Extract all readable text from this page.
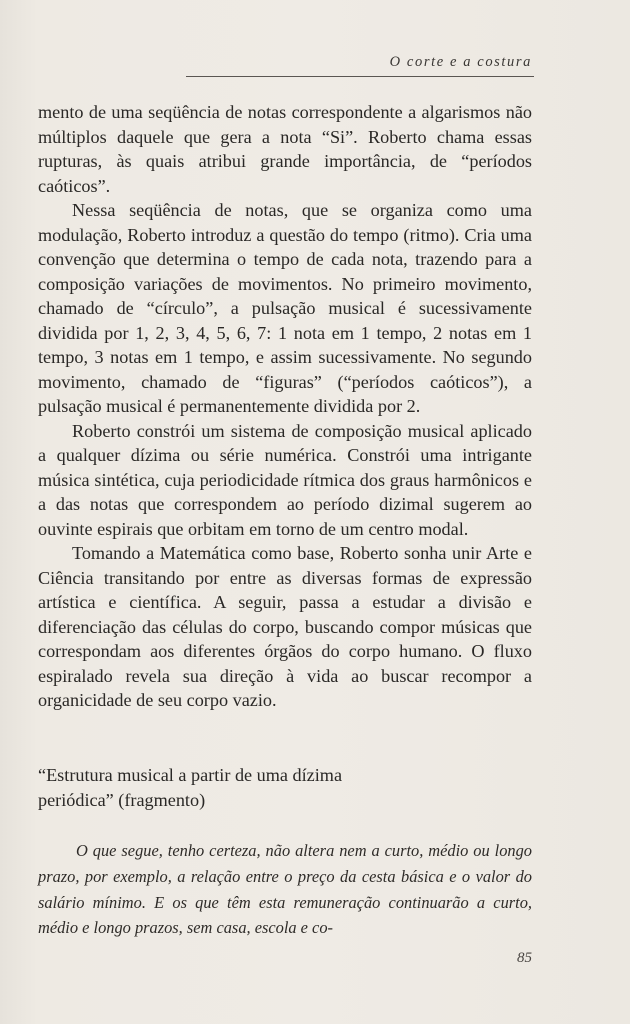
O corte e a costura

mento de uma seqüência de notas correspondente a algarismos não múltiplos daquele que gera a nota “Si”. Roberto chama essas rupturas, às quais atribui grande importância, de “períodos caóticos”.

Nessa seqüência de notas, que se organiza como uma modulação, Roberto introduz a questão do tempo (ritmo). Cria uma convenção que determina o tempo de cada nota, trazendo para a composição variações de movimentos. No primeiro movimento, chamado de “círculo”, a pulsação musical é sucessivamente dividida por 1, 2, 3, 4, 5, 6, 7: 1 nota em 1 tempo, 2 notas em 1 tempo, 3 notas em 1 tempo, e assim sucessivamente. No segundo movimento, chamado de “figuras” (“períodos caóticos”), a pulsação musical é permanentemente dividida por 2.

Roberto constrói um sistema de composição musical aplicado a qualquer dízima ou série numérica. Constrói uma intrigante música sintética, cuja periodicidade rítmica dos graus harmônicos e a das notas que correspondem ao período dizimal sugerem ao ouvinte espirais que orbitam em torno de um centro modal.

Tomando a Matemática como base, Roberto sonha unir Arte e Ciência transitando por entre as diversas formas de expressão artística e científica. A seguir, passa a estudar a divisão e diferenciação das células do corpo, buscando compor músicas que correspondam aos diferentes órgãos do corpo humano. O fluxo espiralado revela sua direção à vida ao buscar recompor a organicidade de seu corpo vazio.

“Estrutura musical a partir de uma dízima
periódica” (fragmento)

O que segue, tenho certeza, não altera nem a curto, médio ou longo prazo, por exemplo, a relação entre o preço da cesta básica e o valor do salário mínimo. E os que têm esta remuneração continuarão a curto, médio e longo prazos, sem casa, escola e co-

85
